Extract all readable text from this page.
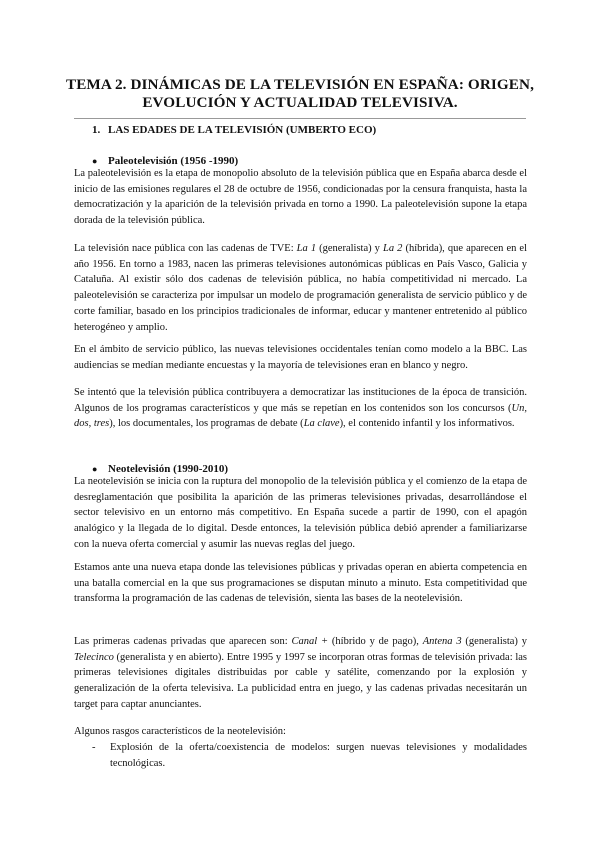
TEMA 2. DINÁMICAS DE LA TELEVISIÓN EN ESPAÑA: ORIGEN,
EVOLUCIÓN Y ACTUALIDAD TELEVISIVA.
1. LAS EDADES DE LA TELEVISIÓN (UMBERTO ECO)
● Paleotelevisión (1956 -1990)
La paleotelevisión es la etapa de monopolio absoluto de la televisión pública que en España abarca desde el inicio de las emisiones regulares el 28 de octubre de 1956, condicionadas por la censura franquista, hasta la democratización y la aparición de la televisión privada en torno a 1990. La paleotelevisión supone la etapa dorada de la televisión pública.
La televisión nace pública con las cadenas de TVE: La 1 (generalista) y La 2 (híbrida), que aparecen en el año 1956. En torno a 1983, nacen las primeras televisiones autonómicas públicas en País Vasco, Galicia y Cataluña. Al existir sólo dos cadenas de televisión pública, no había competitividad ni mercado. La paleotelevisión se caracteriza por impulsar un modelo de programación generalista de servicio público y de corte familiar, basado en los principios tradicionales de informar, educar y mantener entretenido al público heterogéneo y amplio.
En el ámbito de servicio público, las nuevas televisiones occidentales tenían como modelo a la BBC. Las audiencias se medían mediante encuestas y la mayoría de televisiones eran en blanco y negro.
Se intentó que la televisión pública contribuyera a democratizar las instituciones de la época de transición. Algunos de los programas característicos y que más se repetían en los contenidos son los concursos (Un, dos, tres), los documentales, los programas de debate (La clave), el contenido infantil y los informativos.
● Neotelevisión (1990-2010)
La neotelevisión se inicia con la ruptura del monopolio de la televisión pública y el comienzo de la etapa de desreglamentación que posibilita la aparición de las primeras televisiones privadas, desarrollándose el sector televisivo en un entorno más competitivo. En España sucede a partir de 1990, con el apagón analógico y la llegada de lo digital. Desde entonces, la televisión pública debió aprender a familiarizarse con la nueva oferta comercial y asumir las nuevas reglas del juego.
Estamos ante una nueva etapa donde las televisiones públicas y privadas operan en abierta competencia en una batalla comercial en la que sus programaciones se disputan minuto a minuto. Esta competitividad que transforma la programación de las cadenas de televisión, sienta las bases de la neotelevisión.
Las primeras cadenas privadas que aparecen son: Canal + (híbrido y de pago), Antena 3 (generalista) y Telecinco (generalista y en abierto). Entre 1995 y 1997 se incorporan otras formas de televisión privada: las primeras televisiones digitales distribuidas por cable y satélite, comenzando por la explosión y generalización de la oferta televisiva. La publicidad entra en juego, y las cadenas privadas necesitarán un target para captar anunciantes.
Algunos rasgos característicos de la neotelevisión:
- Explosión de la oferta/coexistencia de modelos: surgen nuevas televisiones y modalidades tecnológicas.
